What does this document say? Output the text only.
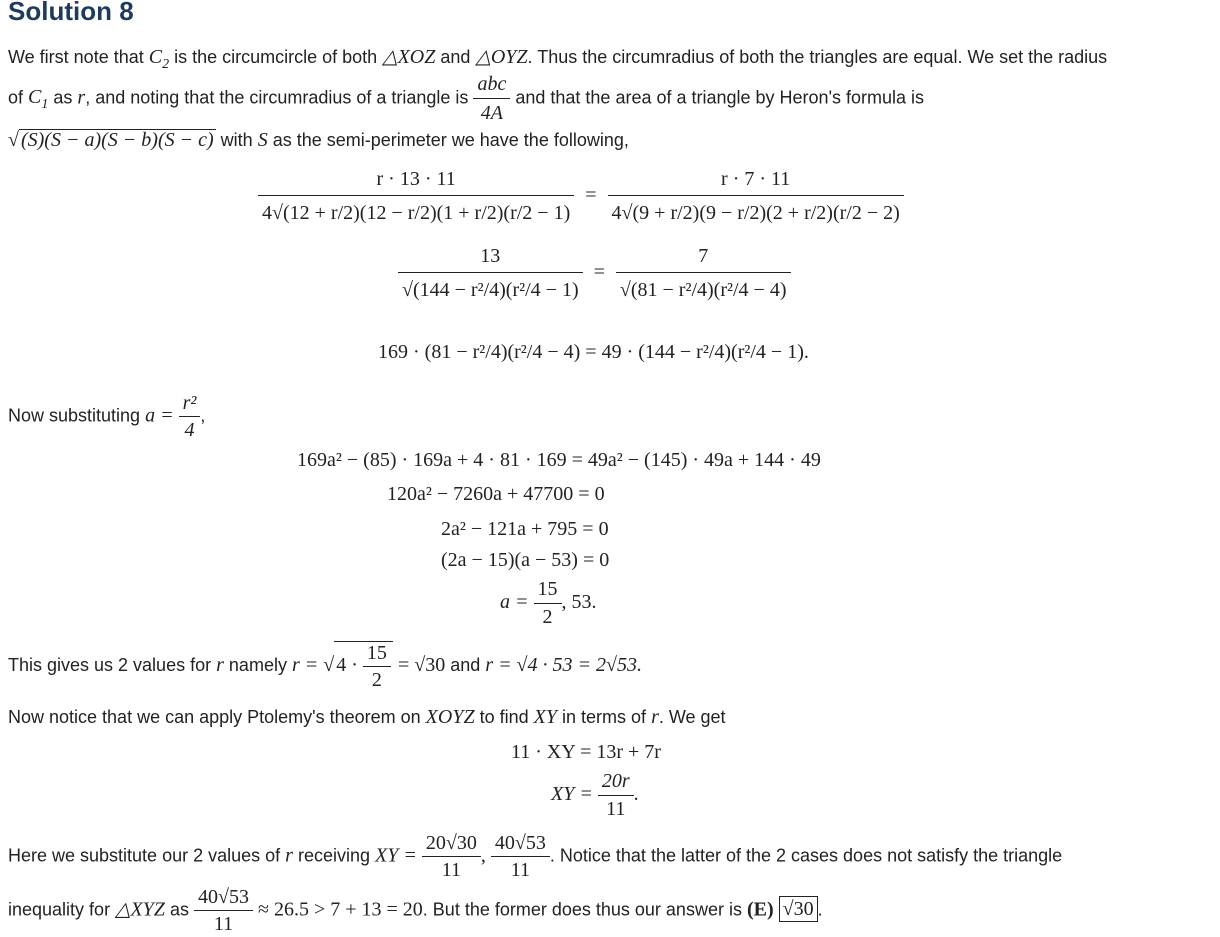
Solution 8
We first note that $C_2$ is the circumcircle of both △XOZ and △OYZ. Thus the circumradius of both the triangles are equal. We set the radius
of $C_1$ as r, and noting that the circumradius of a triangle is $\frac{\text{abc}}{4A}$ and that the area of a triangle by Heron's formula is
√ (S)(S − a)(S − b)(S − c) with S as the semi-perimeter we have the following,
$\frac{r \cdot 13 \cdot 11}{4√(12 + r/2)(12 - r/2)(1 + r/2)(r/2 - 1)} = \frac{r \cdot 7 \cdot 11}{4√(9 + r/2)(9 - r/2)(2 + r/2)(r/2 - 2)}$
$\frac{13}{\text{√(144 − r²/4)(r²/4 − 1)}} = \frac{7}{\text{√(81 − r²/4)(r²/4 − 4)}}$
169 · (81 − r²/4)(r²/4 − 4) = 49 · (144 − r²/4)(r²/4 − 1).
Now substituting $a = \frac{\text{r²}}{4}$ ,
169a² − (85) · 169a + 4 · 81 · 169 = 49a² − (145) · 49a + 144 · 49
120a² − 7260a + 47700 = 0
2a² − 121a + 795 = 0
(2a − 15)(a − 53) = 0
$a = \frac{15}{2}$ , 53.
This gives us 2 values for r namely r = √ $4 \cdot \frac{15}{2} = √30$ and r = √4 · 53 = 2√53.
Now notice that we can apply Ptolemy's theorem on XOYZ to find XY in terms of r. We get
11 · XY = 13r + 7r
XY = $\frac{20r}{11}$ .
Here we substitute our 2 values of r receiving XY = $\frac{20√30}{11}$ , $\frac{40√53}{11}$ . Notice that the latter of the 2 cases does not satisfy the triangle
inequality for △XYZ as $\frac{40√53}{11} \approx 26.5 > 7 + 13 = 20$. But the former does thus our answer is (E) √30 .
